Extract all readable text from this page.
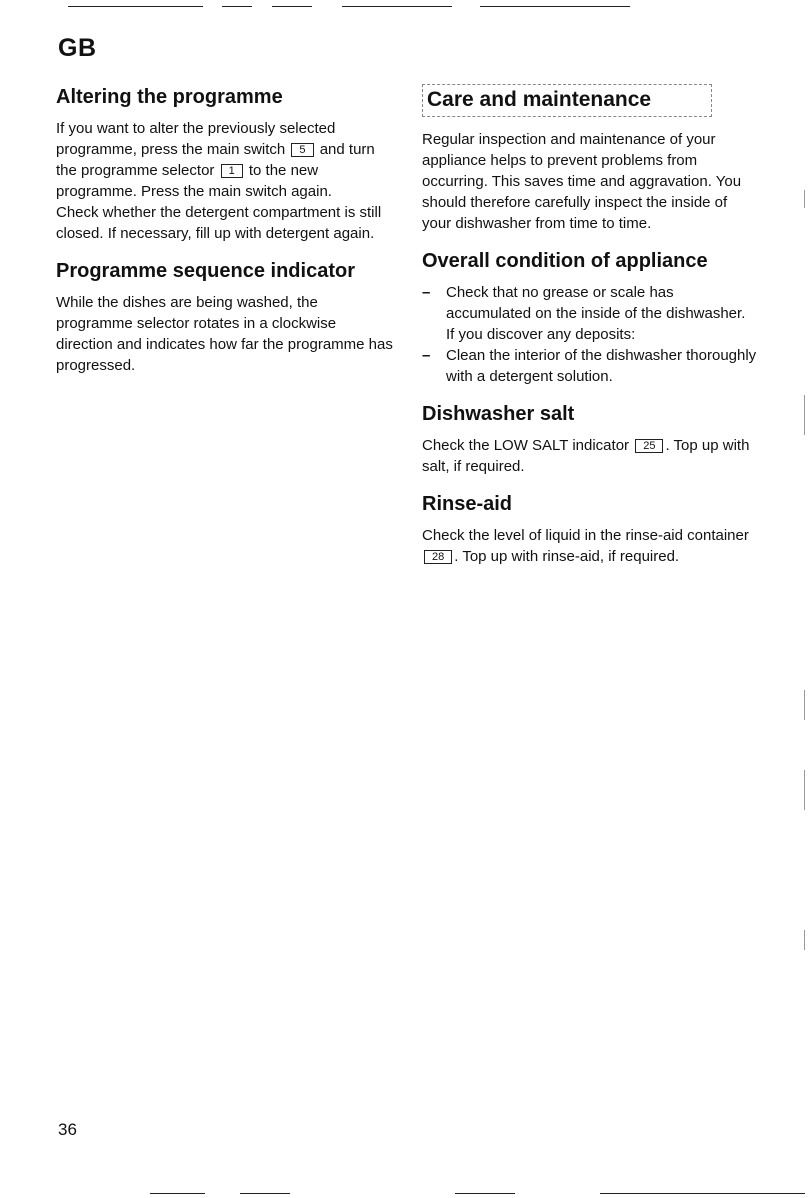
GB
Altering the programme

If you want to alter the previously selected programme, press the main switch 5 and turn the programme selector 1 to the new programme. Press the main switch again.

Check whether the detergent compartment is still closed. If necessary, fill up with detergent again.

Programme sequence indicator

While the dishes are being washed, the programme selector rotates in a clockwise direction and indicates how far the programme has progressed.

Care and maintenance

Regular inspection and maintenance of your appliance helps to prevent problems from occurring. This saves time and aggravation. You should therefore carefully inspect the inside of your dishwasher from time to time.

Overall condition of appliance
– Check that no grease or scale has accumulated on the inside of the dishwasher.
If you discover any deposits:
– Clean the interior of the dishwasher thoroughly with a detergent solution.
Dishwasher salt

Check the LOW SALT indicator 25 . Top up with salt, if required.

Rinse-aid

Check the level of liquid in the rinse-aid container 28 . Top up with rinse-aid, if required.

36
